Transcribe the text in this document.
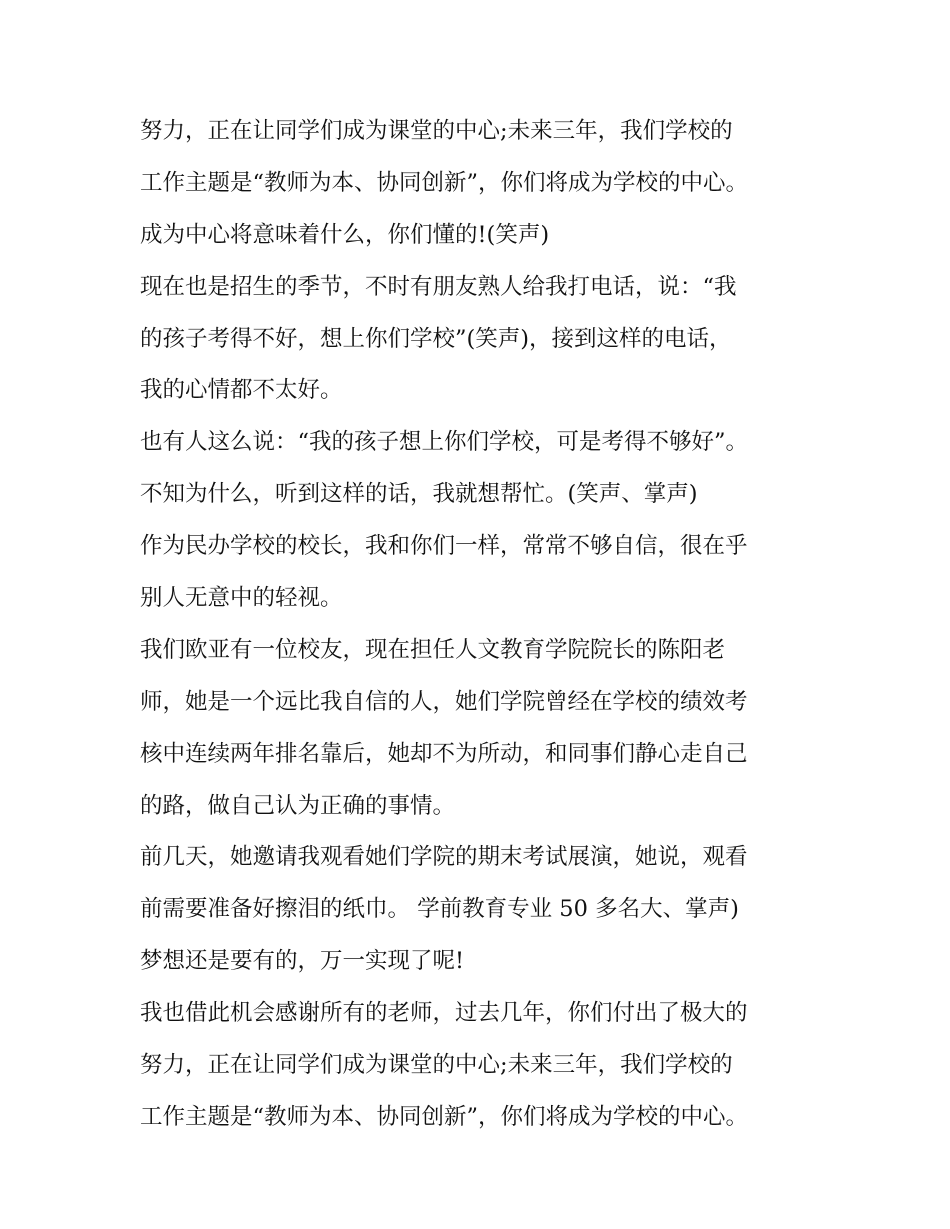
努力，正在让同学们成为课堂的中心;未来三年，我们学校的
工作主题是“教师为本、协同创新”，你们将成为学校的中心。
成为中心将意味着什么，你们懂的!(笑声)
现在也是招生的季节，不时有朋友熟人给我打电话，说：“我
的孩子考得不好，想上你们学校”(笑声)，接到这样的电话，
我的心情都不太好。
也有人这么说：“我的孩子想上你们学校，可是考得不够好”。
不知为什么，听到这样的话，我就想帮忙。(笑声、掌声)
作为民办学校的校长，我和你们一样，常常不够自信，很在乎
别人无意中的轻视。
我们欧亚有一位校友，现在担任人文教育学院院长的陈阳老
师，她是一个远比我自信的人，她们学院曾经在学校的绩效考
核中连续两年排名靠后，她却不为所动，和同事们静心走自己
的路，做自己认为正确的事情。
前几天，她邀请我观看她们学院的期末考试展演，她说，观看
前需要准备好擦泪的纸巾。 学前教育专业 50 多名大、掌声)
梦想还是要有的，万一实现了呢!
我也借此机会感谢所有的老师，过去几年，你们付出了极大的
努力，正在让同学们成为课堂的中心;未来三年，我们学校的
工作主题是“教师为本、协同创新”，你们将成为学校的中心。
